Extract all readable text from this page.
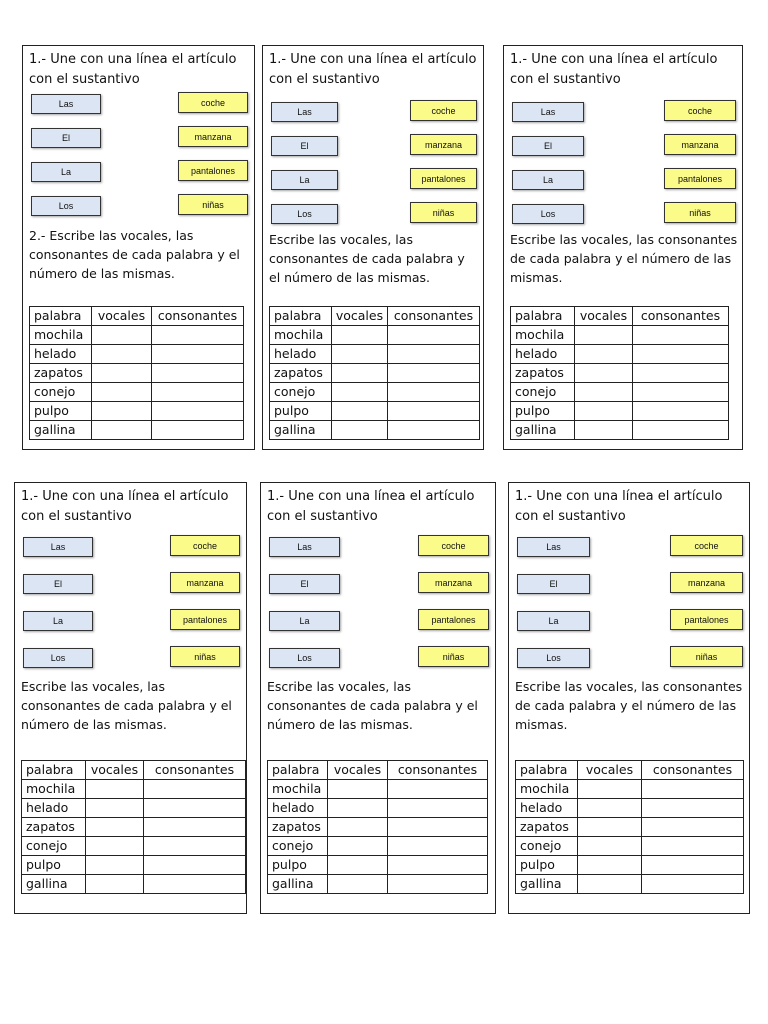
1.- Une con una línea el artículo con el sustantivo
Las
El
La
Los
coche
manzana
pantalones
niñas
2.- Escribe las vocales, las consonantes de cada palabra y el número de las mismas.
palabra	vocales	consonantes
mochila		
helado		
zapatos		
conejo		
pulpo		
gallina		
1.- Une con una línea el artículo con el sustantivo
Las
El
La
Los
coche
manzana
pantalones
niñas
Escribe las vocales, las consonantes de cada palabra y el número de las mismas.
palabra	vocales	consonantes
mochila		
helado		
zapatos		
conejo		
pulpo		
gallina		
1.- Une con una línea el artículo con el sustantivo
Las
El
La
Los
coche
manzana
pantalones
niñas
Escribe las vocales, las consonantes de cada palabra y el número de las mismas.
palabra	vocales	consonantes
mochila		
helado		
zapatos		
conejo		
pulpo		
gallina		
1.- Une con una línea el artículo con el sustantivo
Las
El
La
Los
coche
manzana
pantalones
niñas
Escribe las vocales, las consonantes de cada palabra y el número de las mismas.
palabra	vocales	consonantes
mochila		
helado		
zapatos		
conejo		
pulpo		
gallina		
1.- Une con una línea el artículo con el sustantivo
Las
El
La
Los
coche
manzana
pantalones
niñas
Escribe las vocales, las consonantes de cada palabra y el número de las mismas.
palabra	vocales	consonantes
mochila		
helado		
zapatos		
conejo		
pulpo		
gallina		
1.- Une con una línea el artículo con el sustantivo
Las
El
La
Los
coche
manzana
pantalones
niñas
Escribe las vocales, las consonantes de cada palabra y el número de las mismas.
palabra	vocales	consonantes
mochila		
helado		
zapatos		
conejo		
pulpo		
gallina		
